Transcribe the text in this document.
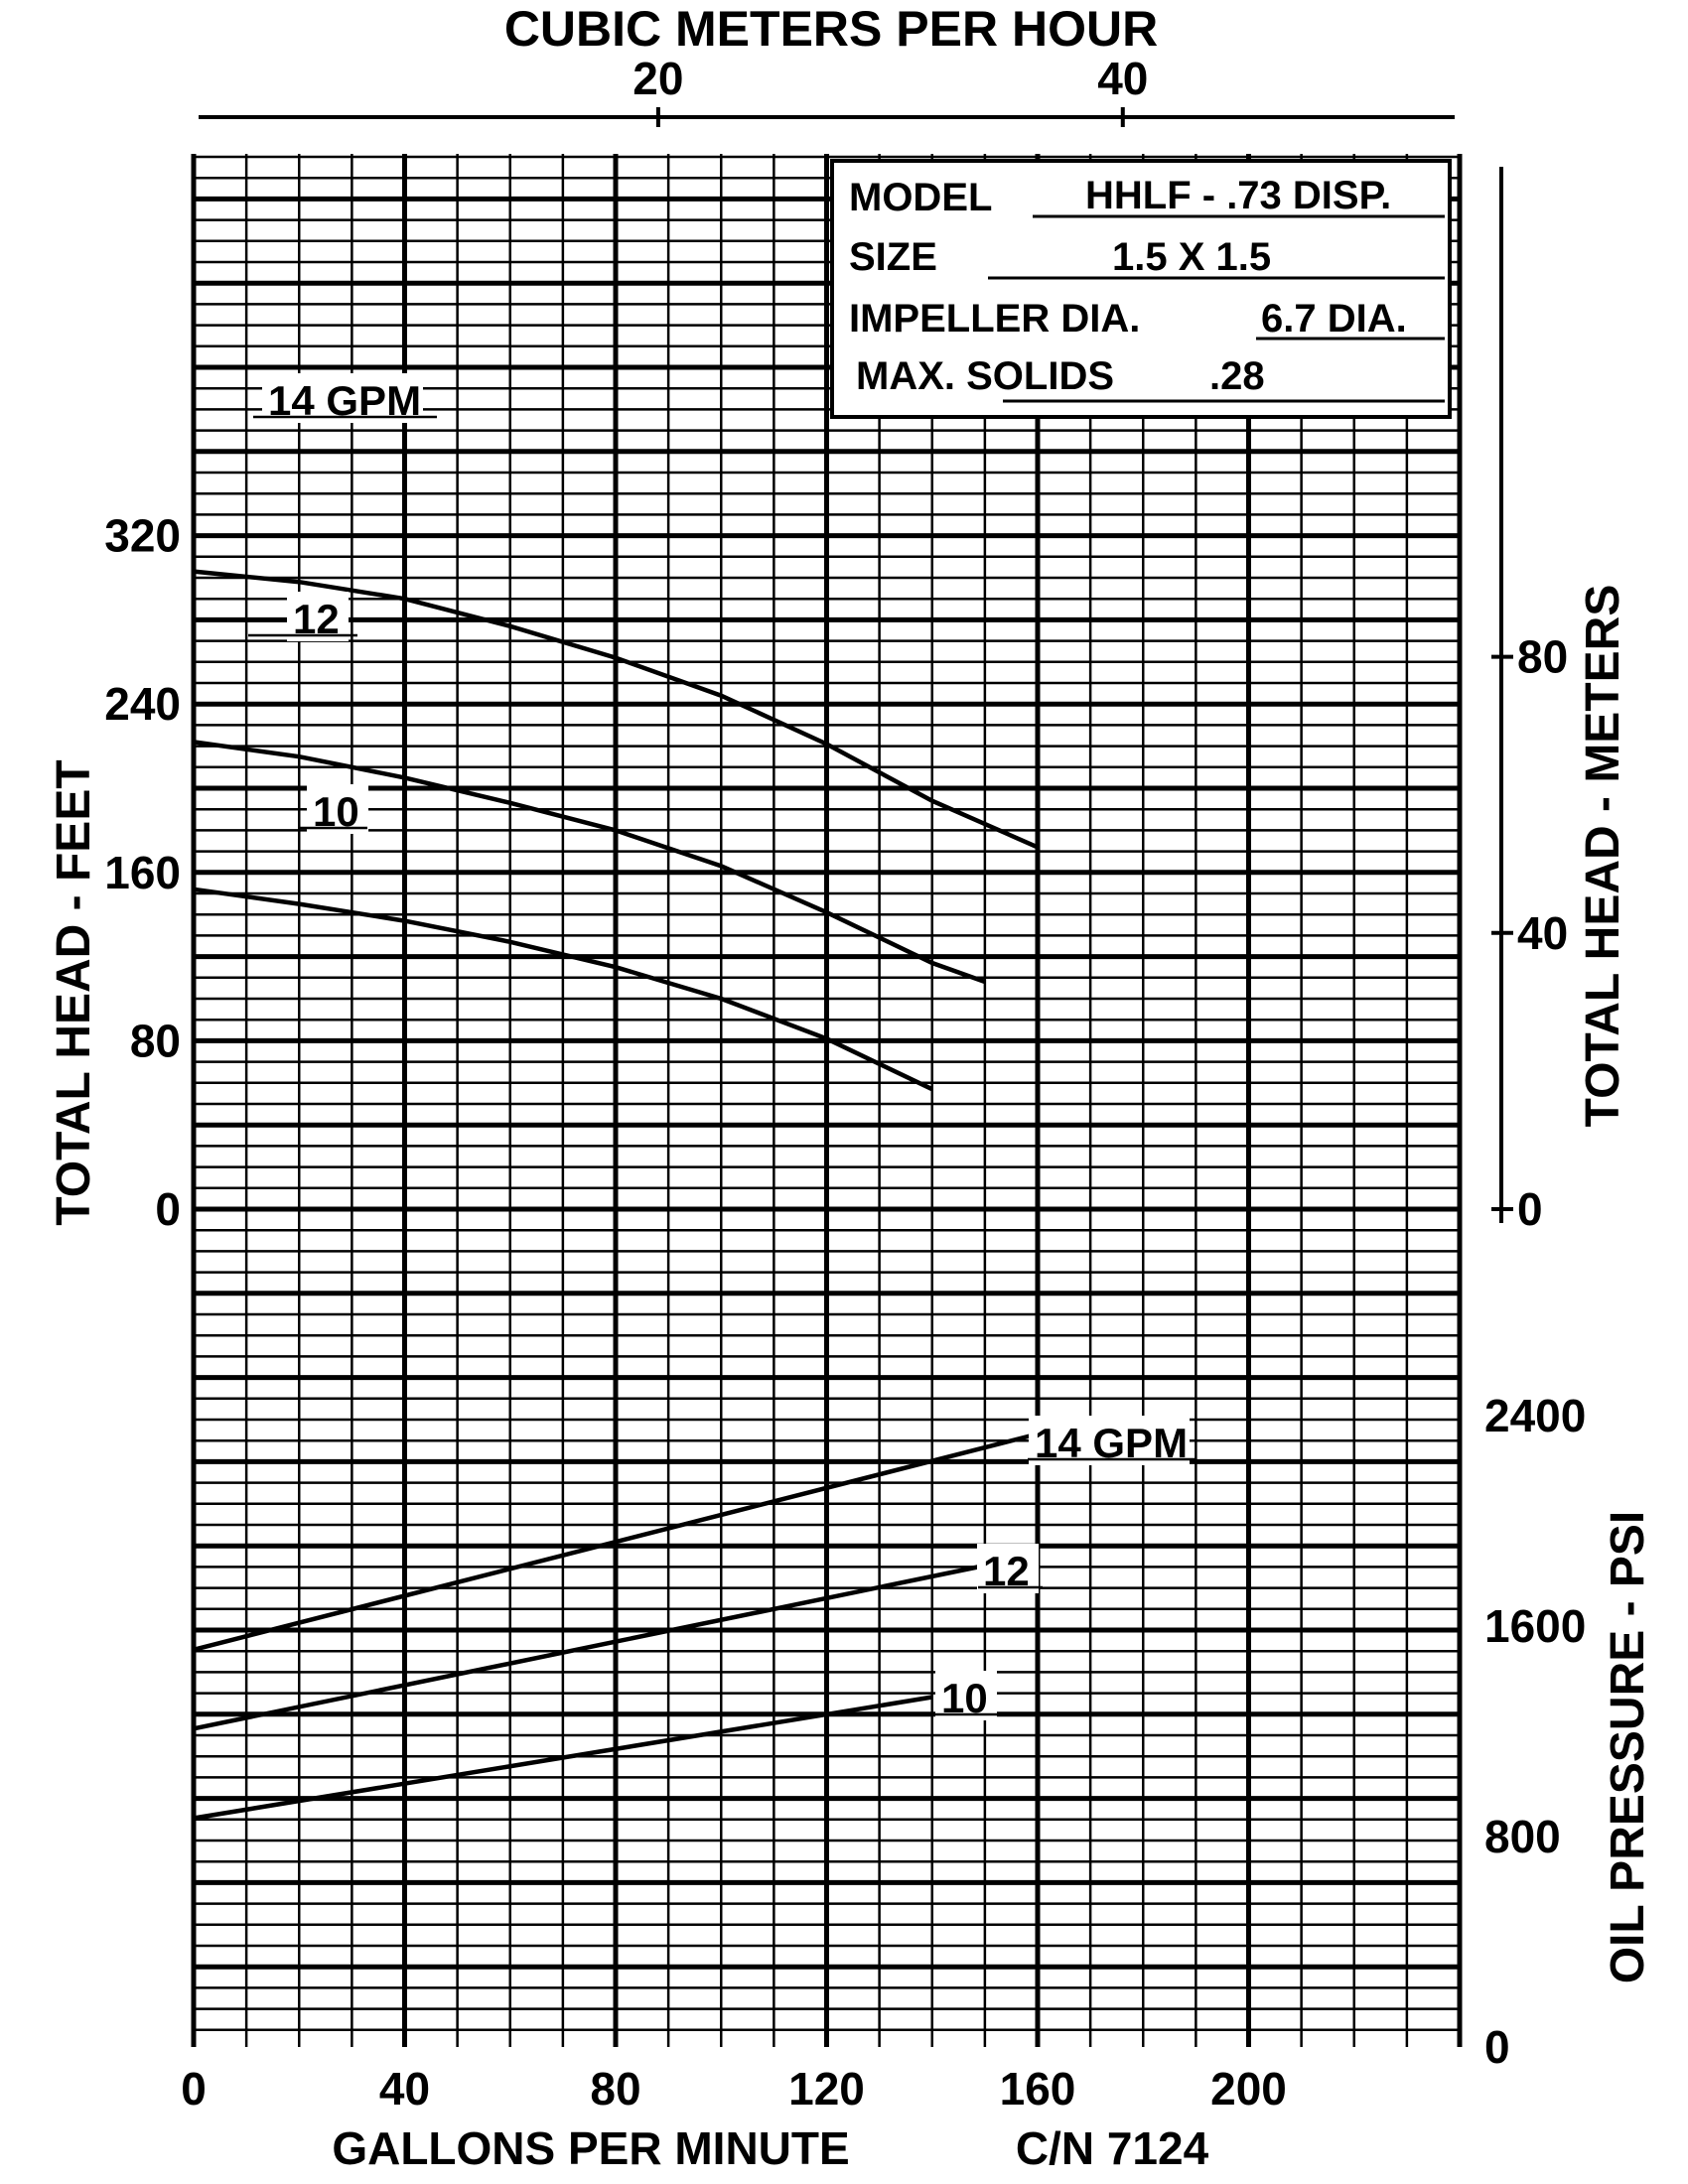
14 GPM
12
10
14 GPM
12
10
20	40
0	40	80	120	160	200
0
80
160
240
320
0
40
80
0
800
1600
2400
MODEL HHLF - .73 DISP.
SIZE	1.5 X 1.5
IMPELLER DIA.	6.7 DIA.
MAX. SOLIDS .28
CUBIC METERS PER HOUR
GALLONS PER MINUTE	C/N 7124
TOTAL HEAD - FEET	TOTAL HEAD - METERS
OIL PRESSURE - PSI
